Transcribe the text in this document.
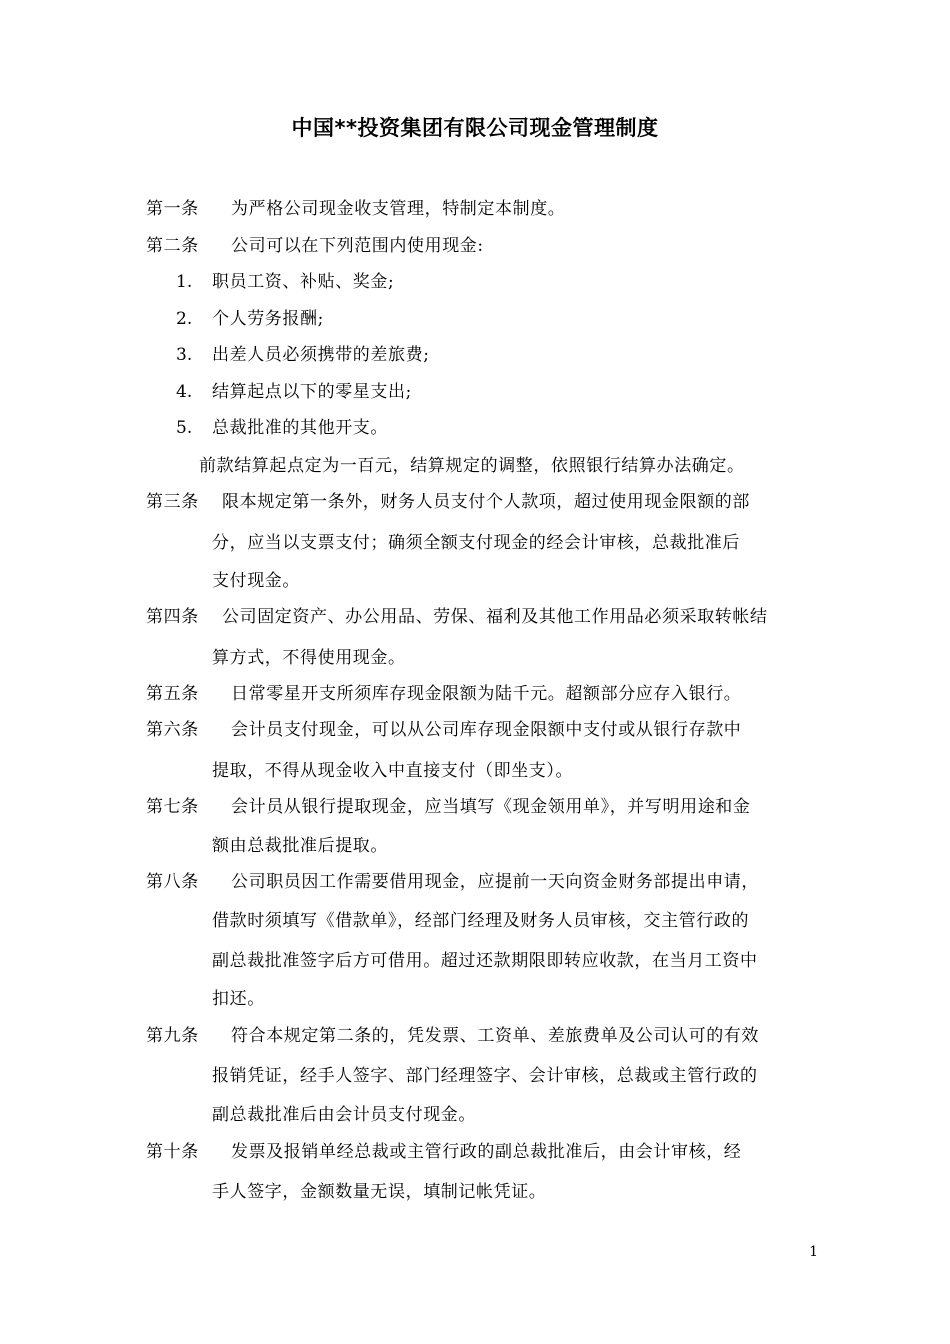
中国**投资集团有限公司现金管理制度
第一条 为严格公司现金收支管理，特制定本制度。
第二条 公司可以在下列范围内使用现金:
1. 职员工资、补贴、奖金;
2. 个人劳务报酬;
3. 出差人员必须携带的差旅费;
4. 结算起点以下的零星支出;
5. 总裁批准的其他开支。
前款结算起点定为一百元，结算规定的调整，依照银行结算办法确定。
第三条 限本规定第一条外，财务人员支付个人款项，超过使用现金限额的部
分，应当以支票支付；确须全额支付现金的经会计审核，总裁批准后
支付现金。
第四条 公司固定资产、办公用品、劳保、福利及其他工作用品必须采取转帐结
算方式，不得使用现金。
第五条 日常零星开支所须库存现金限额为陆千元。超额部分应存入银行。
第六条 会计员支付现金，可以从公司库存现金限额中支付或从银行存款中
提取，不得从现金收入中直接支付（即坐支）。
第七条 会计员从银行提取现金，应当填写《现金领用单》，并写明用途和金
额由总裁批准后提取。
第八条 公司职员因工作需要借用现金，应提前一天向资金财务部提出申请，
借款时须填写《借款单》，经部门经理及财务人员审核，交主管行政的
副总裁批准签字后方可借用。超过还款期限即转应收款，在当月工资中
扣还。
第九条 符合本规定第二条的，凭发票、工资单、差旅费单及公司认可的有效
报销凭证，经手人签字、部门经理签字、会计审核，总裁或主管行政的
副总裁批准后由会计员支付现金。
第十条 发票及报销单经总裁或主管行政的副总裁批准后，由会计审核，经
手人签字，金额数量无误，填制记帐凭证。
1
